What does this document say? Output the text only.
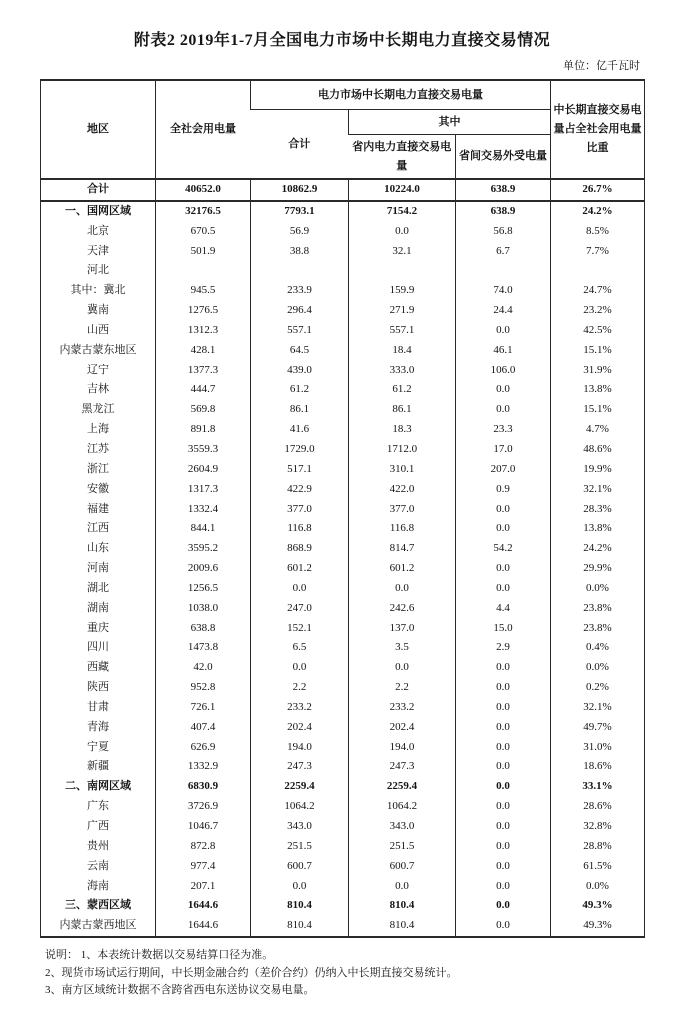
附表2 2019年1-7月全国电力市场中长期电力直接交易情况
单位：亿千瓦时
地区	全社会用电量	电力市场中长期电力直接交易电量			中长期直接交易电量占全社会用电量比重
		合计	其中		
			省内电力直接交易电量	省间交易外受电量	
合计	40652.0	10862.9	10224.0	638.9	26.7%
一、国网区域	32176.5	7793.1	7154.2	638.9	24.2%
北京	670.5	56.9	0.0	56.8	8.5%
天津	501.9	38.8	32.1	6.7	7.7%
河北					
其中：冀北	945.5	233.9	159.9	74.0	24.7%
冀南	1276.5	296.4	271.9	24.4	23.2%
山西	1312.3	557.1	557.1	0.0	42.5%
内蒙古蒙东地区	428.1	64.5	18.4	46.1	15.1%
辽宁	1377.3	439.0	333.0	106.0	31.9%
吉林	444.7	61.2	61.2	0.0	13.8%
黑龙江	569.8	86.1	86.1	0.0	15.1%
上海	891.8	41.6	18.3	23.3	4.7%
江苏	3559.3	1729.0	1712.0	17.0	48.6%
浙江	2604.9	517.1	310.1	207.0	19.9%
安徽	1317.3	422.9	422.0	0.9	32.1%
福建	1332.4	377.0	377.0	0.0	28.3%
江西	844.1	116.8	116.8	0.0	13.8%
山东	3595.2	868.9	814.7	54.2	24.2%
河南	2009.6	601.2	601.2	0.0	29.9%
湖北	1256.5	0.0	0.0	0.0	0.0%
湖南	1038.0	247.0	242.6	4.4	23.8%
重庆	638.8	152.1	137.0	15.0	23.8%
四川	1473.8	6.5	3.5	2.9	0.4%
西藏	42.0	0.0	0.0	0.0	0.0%
陕西	952.8	2.2	2.2	0.0	0.2%
甘肃	726.1	233.2	233.2	0.0	32.1%
青海	407.4	202.4	202.4	0.0	49.7%
宁夏	626.9	194.0	194.0	0.0	31.0%
新疆	1332.9	247.3	247.3	0.0	18.6%
二、南网区域	6830.9	2259.4	2259.4	0.0	33.1%
广东	3726.9	1064.2	1064.2	0.0	28.6%
广西	1046.7	343.0	343.0	0.0	32.8%
贵州	872.8	251.5	251.5	0.0	28.8%
云南	977.4	600.7	600.7	0.0	61.5%
海南	207.1	0.0	0.0	0.0	0.0%
三、蒙西区域	1644.6	810.4	810.4	0.0	49.3%
内蒙古蒙西地区	1644.6	810.4	810.4	0.0	49.3%
说明： 1、本表统计数据以交易结算口径为准。
2、现货市场试运行期间，中长期金融合约（差价合约）仍纳入中长期直接交易统计。
3、南方区域统计数据不含跨省西电东送协议交易电量。
